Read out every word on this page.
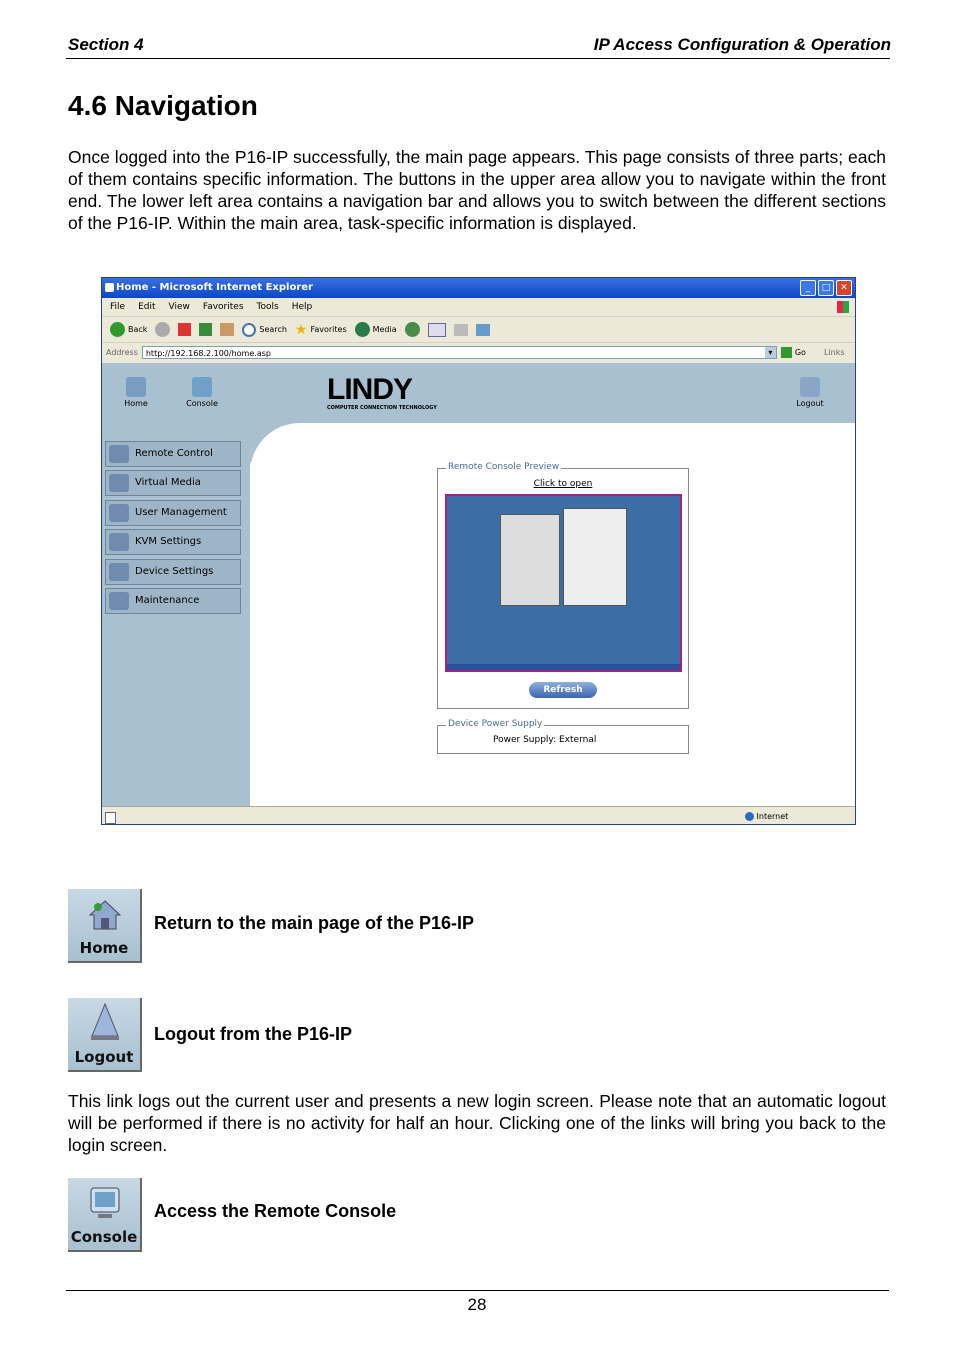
Section 4	IP Access Configuration & Operation
4.6 Navigation

Once logged into the P16-IP successfully, the main page appears. This page consists of three parts; each of them contains specific information. The buttons in the upper area allow you to navigate within the front end. The lower left area contains a navigation bar and allows you to switch between the different sections of the P16-IP. Within the main area, task-specific information is displayed.

Home - Microsoft Internet Explorer	_	□	✕
File Edit View Favorites Tools Help
Back	Search ★ Favorites	Media
Address	http://192.168.2.100/home.asp	▾	Go Links
Home	Console	Logout
LINDY
COMPUTER CONNECTION TECHNOLOGY
Remote Control
Virtual Media
User Management
KVM Settings
Device Settings
Maintenance
Remote Console Preview
Click to open
Refresh
Device Power Supply
Power Supply: External
Internet
Home
Return to the main page of the P16-IP
Logout
Logout from the P16-IP

This link logs out the current user and presents a new login screen. Please note that an automatic logout will be performed if there is no activity for half an hour. Clicking one of the links will bring you back to the login screen.

Console
Access the Remote Console
28
